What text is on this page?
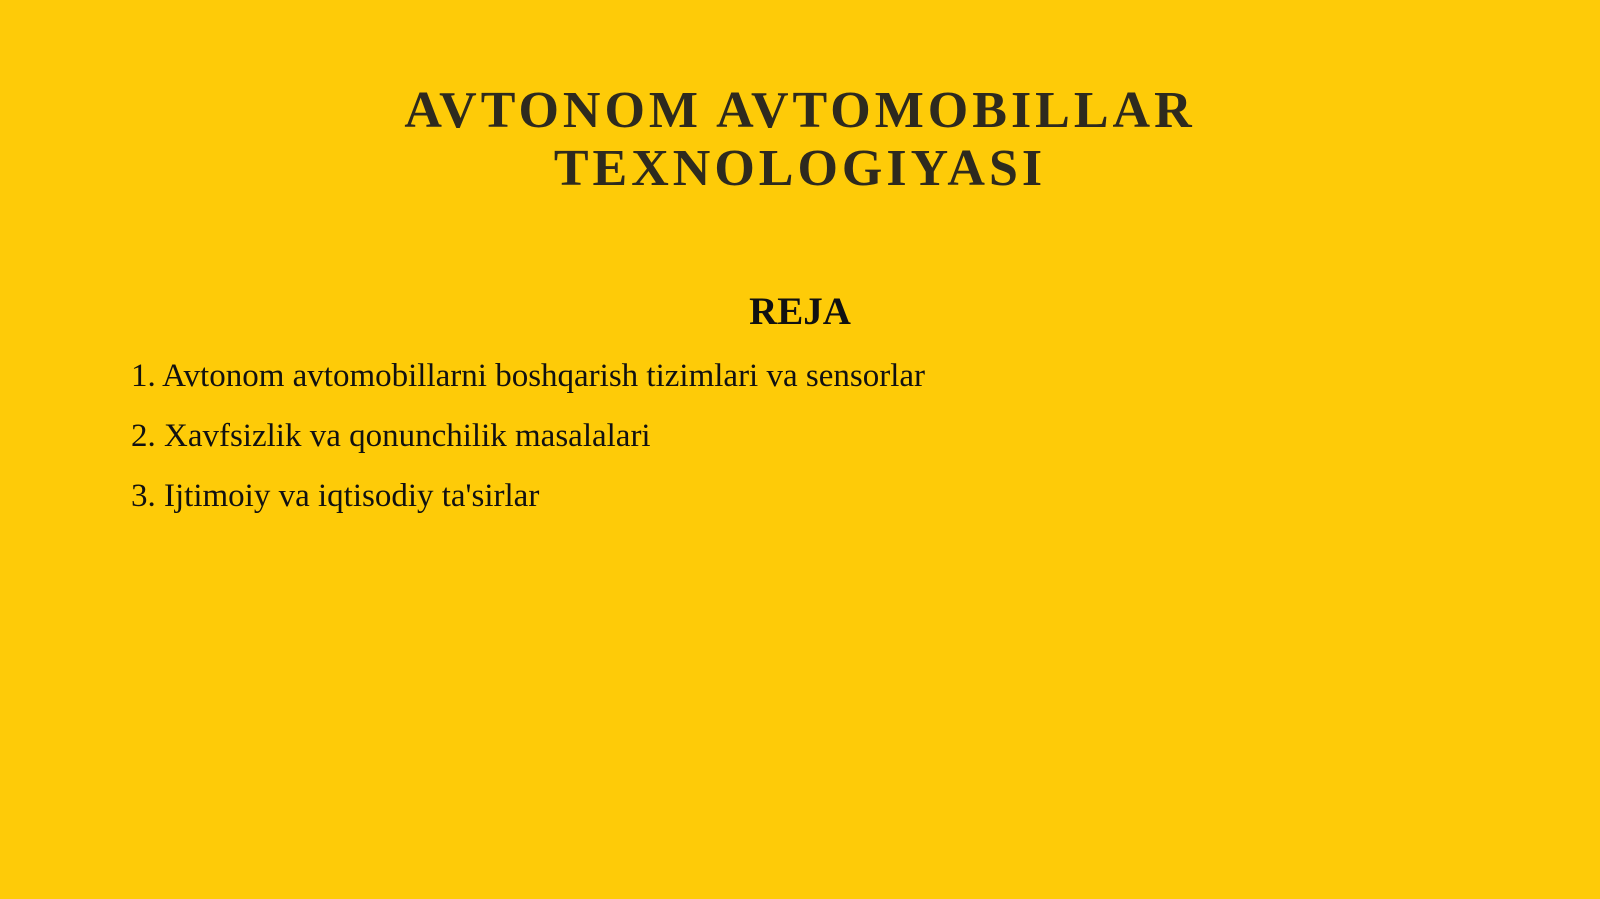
AVTONOM AVTOMOBILLAR
TEXNOLOGIYASI
REJA
1. Avtonom avtomobillarni boshqarish tizimlari va sensorlar
2. Xavfsizlik va qonunchilik masalalari
3. Ijtimoiy va iqtisodiy ta'sirlar
